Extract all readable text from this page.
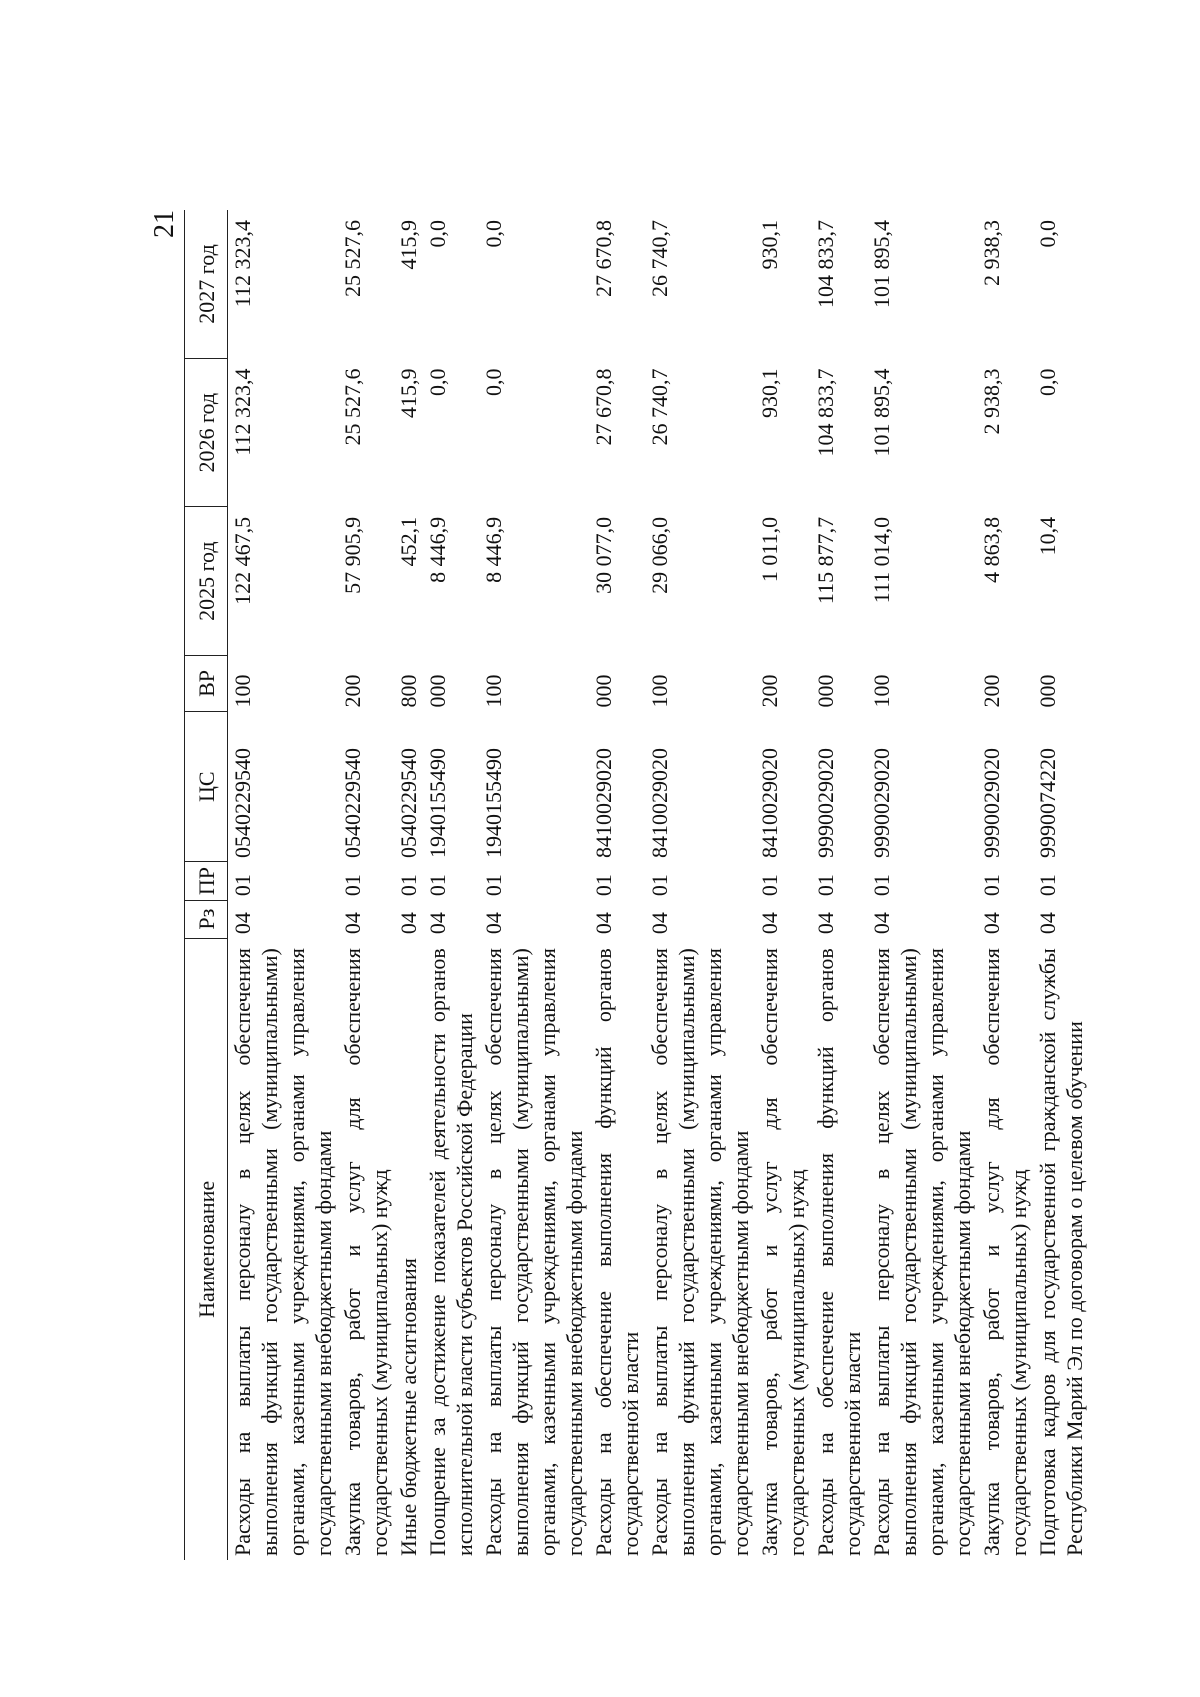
21
Наименование	Рз	ПР	ЦС	ВР	2025 год	2026 год	2027 год
Расходы на выплаты персоналу в целях обеспечения выполнения функций государственными (муниципальными) органами, казенными учреждениями, органами управления государственными внебюджетными фондами	04	01	0540229540	100	122 467,5	112 323,4	112 323,4
Закупка товаров, работ и услуг для обеспечения государственных (муниципальных) нужд	04	01	0540229540	200	57 905,9	25 527,6	25 527,6
Иные бюджетные ассигнования	04	01	0540229540	800	452,1	415,9	415,9
Поощрение за достижение показателей деятельности органов исполнительной власти субъектов Российской Федерации	04	01	1940155490	000	8 446,9	0,0	0,0
Расходы на выплаты персоналу в целях обеспечения выполнения функций государственными (муниципальными) органами, казенными учреждениями, органами управления государственными внебюджетными фондами	04	01	1940155490	100	8 446,9	0,0	0,0
Расходы на обеспечение выполнения функций органов государственной власти	04	01	8410029020	000	30 077,0	27 670,8	27 670,8
Расходы на выплаты персоналу в целях обеспечения выполнения функций государственными (муниципальными) органами, казенными учреждениями, органами управления государственными внебюджетными фондами	04	01	8410029020	100	29 066,0	26 740,7	26 740,7
Закупка товаров, работ и услуг для обеспечения государственных (муниципальных) нужд	04	01	8410029020	200	1 011,0	930,1	930,1
Расходы на обеспечение выполнения функций органов государственной власти	04	01	9990029020	000	115 877,7	104 833,7	104 833,7
Расходы на выплаты персоналу в целях обеспечения выполнения функций государственными (муниципальными) органами, казенными учреждениями, органами управления государственными внебюджетными фондами	04	01	9990029020	100	111 014,0	101 895,4	101 895,4
Закупка товаров, работ и услуг для обеспечения государственных (муниципальных) нужд	04	01	9990029020	200	4 863,8	2 938,3	2 938,3
Подготовка кадров для государственной гражданской службы Республики Марий Эл по договорам о целевом обучении	04	01	9990074220	000	10,4	0,0	0,0
